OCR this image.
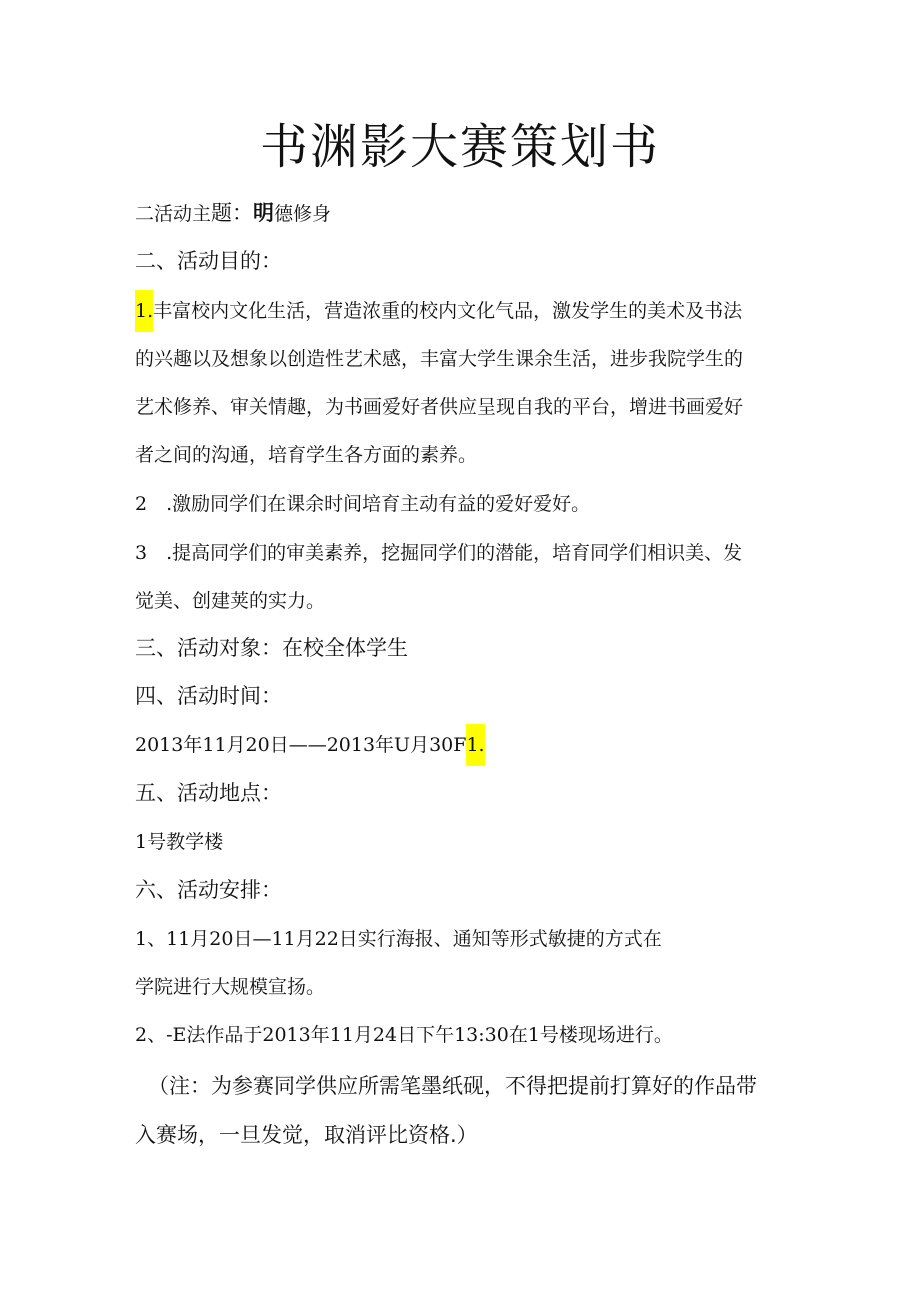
书渊影大赛策划书
二活动主题：明德修身
二、活动目的：
1.丰富校内文化生活，营造浓重的校内文化气品，激发学生的美术及书法
的兴趣以及想象以创造性艺术感，丰富大学生课余生活，进步我院学生的
艺术修养、审关情趣，为书画爱好者供应呈现自我的平台，增进书画爱好
者之间的沟通，培育学生各方面的素养。
2　.激励同学们在课余时间培育主动有益的爱好爱好。
3　.提高同学们的审美素养，挖掘同学们的潜能，培育同学们相识美、发
觉美、创建荚的实力。
三、活动对象：在校全体学生
四、活动时间：
2013年11月20日——2013年U月30F1.
五、活动地点：
1号教学楼
六、活动安排：
1、11月20日—11月22日实行海报、通知等形式敏捷的方式在
学院进行大规模宣扬。
2、-E法作品于2013年11月24日下午13:30在1号楼现场进行。
（注：为参赛同学供应所需笔墨纸砚，不得把提前打算好的作品带
入赛场，一旦发觉，取消评比资格.）
